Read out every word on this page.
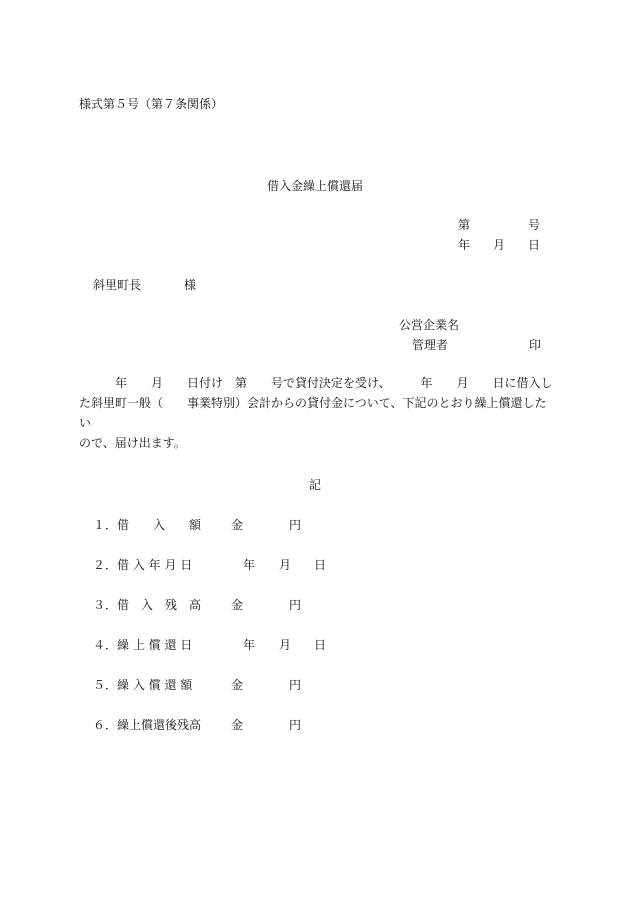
様式第５号（第７条関係）
借入金繰上償還届
第	号
年 月 日
斜里町長	様
公営企業名
管理者	印

年　　月　　日付け　第　　号で貸付決定を受け、　　　年　　月　　日に借入し

た斜里町一般（　　事業特別）会計からの貸付金について、下記のとおり繰上償還したい

ので、届け出ます。

記
１．借　　入　　額 金	円
２．借 入 年 月 日	年 月 日
３．借　入　残　高 金	円
４．繰 上 償 還 日	年 月 日
５．繰 入 償 還 額	金	円
６．繰上償還後残高 金	円
